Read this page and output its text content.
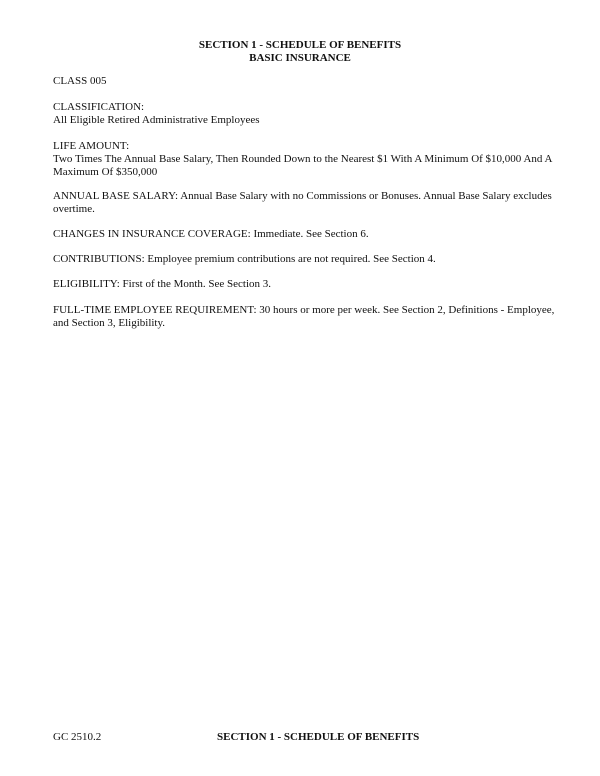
SECTION 1 - SCHEDULE OF BENEFITS
BASIC INSURANCE

CLASS 005

CLASSIFICATION:
All Eligible Retired Administrative Employees
LIFE AMOUNT:
Two Times The Annual Base Salary, Then Rounded Down to the Nearest $1 With A Minimum Of $10,000 And A Maximum Of $350,000

ANNUAL BASE SALARY: Annual Base Salary with no Commissions or Bonuses. Annual Base Salary excludes overtime.

CHANGES IN INSURANCE COVERAGE: Immediate. See Section 6.

CONTRIBUTIONS: Employee premium contributions are not required. See Section 4.

ELIGIBILITY: First of the Month. See Section 3.

FULL-TIME EMPLOYEE REQUIREMENT: 30 hours or more per week. See Section 2, Definitions - Employee, and Section 3, Eligibility.

GC 2510.2	SECTION 1 - SCHEDULE OF BENEFITS
